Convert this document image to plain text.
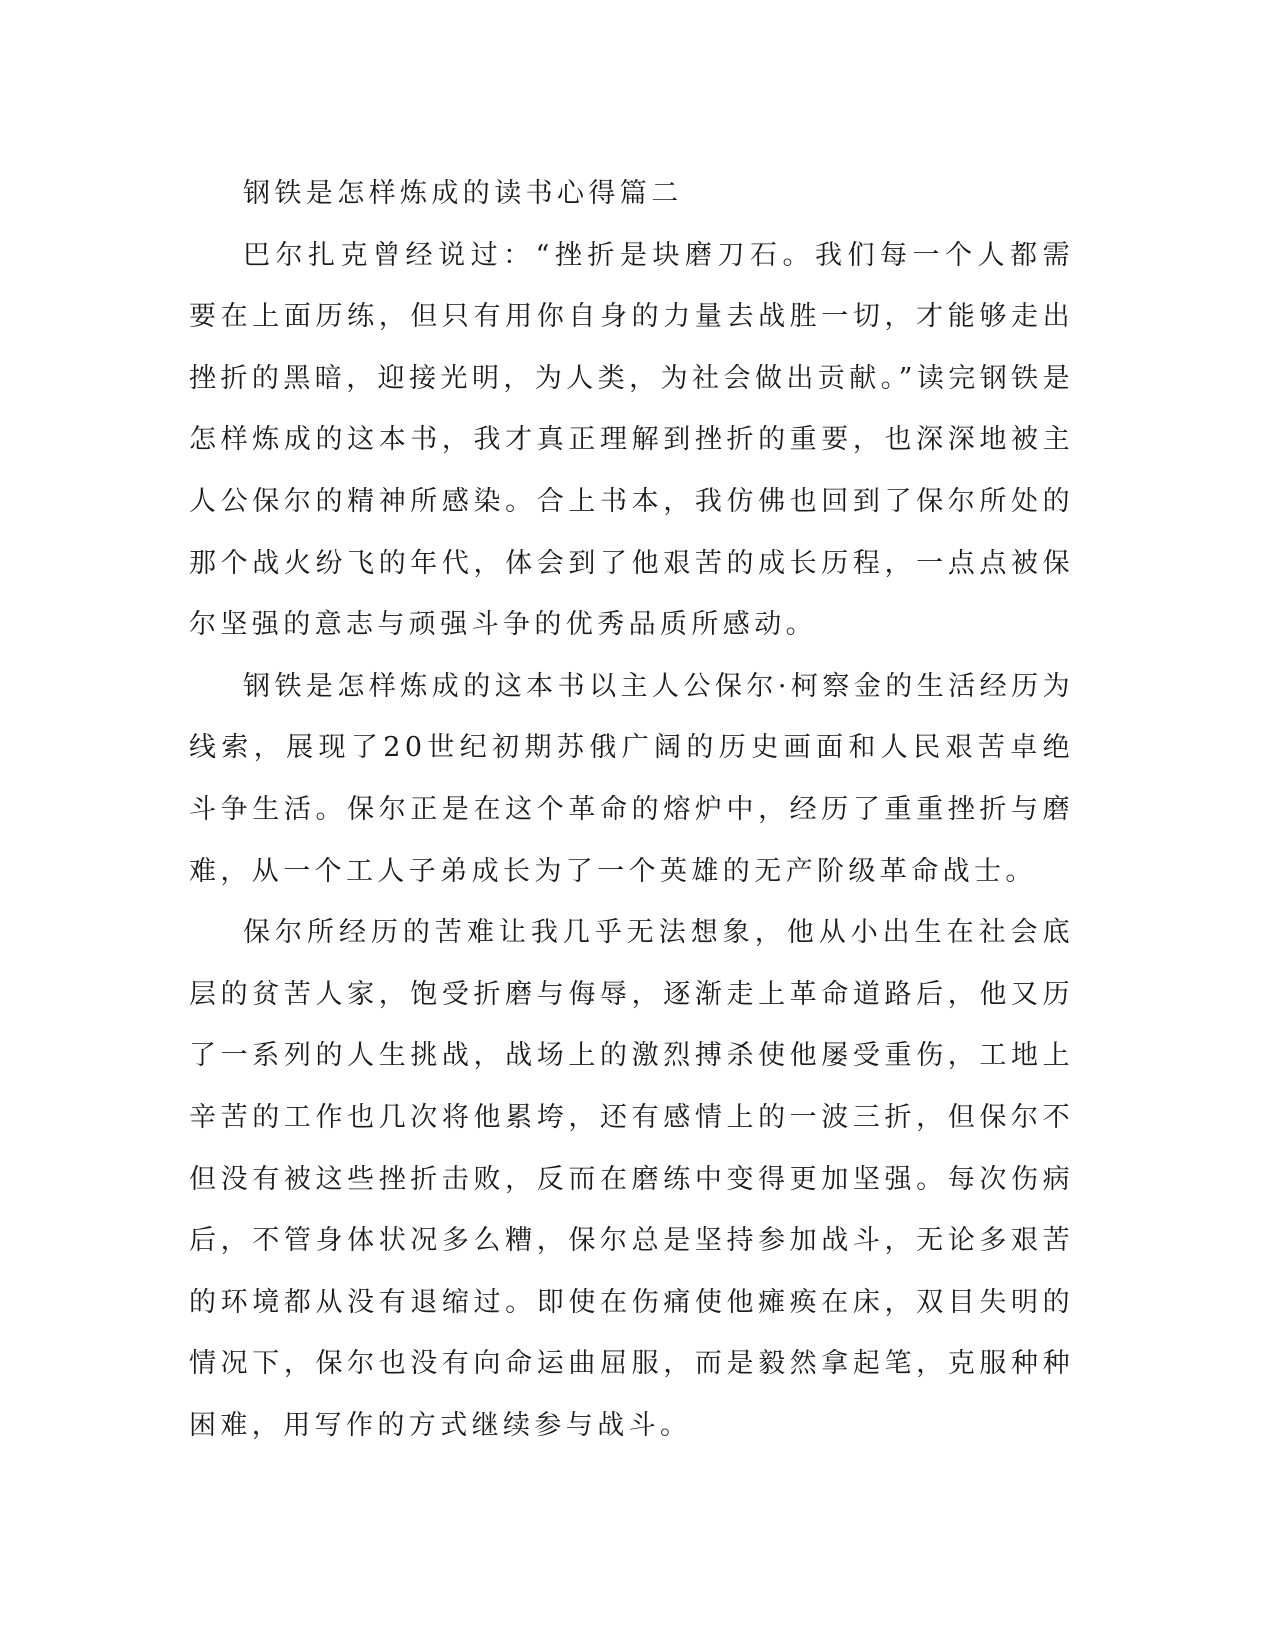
钢铁是怎样炼成的读书心得篇二

巴尔扎克曾经说过：“挫折是块磨刀石。我们每一个人都需要在上面历练，但只有用你自身的力量去战胜一切，才能够走出挫折的黑暗，迎接光明，为人类，为社会做出贡献。”读完钢铁是怎样炼成的这本书，我才真正理解到挫折的重要，也深深地被主人公保尔的精神所感染。合上书本，我仿佛也回到了保尔所处的那个战火纷飞的年代，体会到了他艰苦的成长历程，一点点被保尔坚强的意志与顽强斗争的优秀品质所感动。

钢铁是怎样炼成的这本书以主人公保尔·柯察金的生活经历为线索，展现了20世纪初期苏俄广阔的历史画面和人民艰苦卓绝斗争生活。保尔正是在这个革命的熔炉中，经历了重重挫折与磨难，从一个工人子弟成长为了一个英雄的无产阶级革命战士。

保尔所经历的苦难让我几乎无法想象，他从小出生在社会底层的贫苦人家，饱受折磨与侮辱，逐渐走上革命道路后，他又历了一系列的人生挑战，战场上的激烈搏杀使他屡受重伤，工地上辛苦的工作也几次将他累垮，还有感情上的一波三折，但保尔不但没有被这些挫折击败，反而在磨练中变得更加坚强。每次伤病后，不管身体状况多么糟，保尔总是坚持参加战斗，无论多艰苦的环境都从没有退缩过。即使在伤痛使他瘫痪在床，双目失明的情况下，保尔也没有向命运曲屈服，而是毅然拿起笔，克服种种困难，用写作的方式继续参与战斗。
